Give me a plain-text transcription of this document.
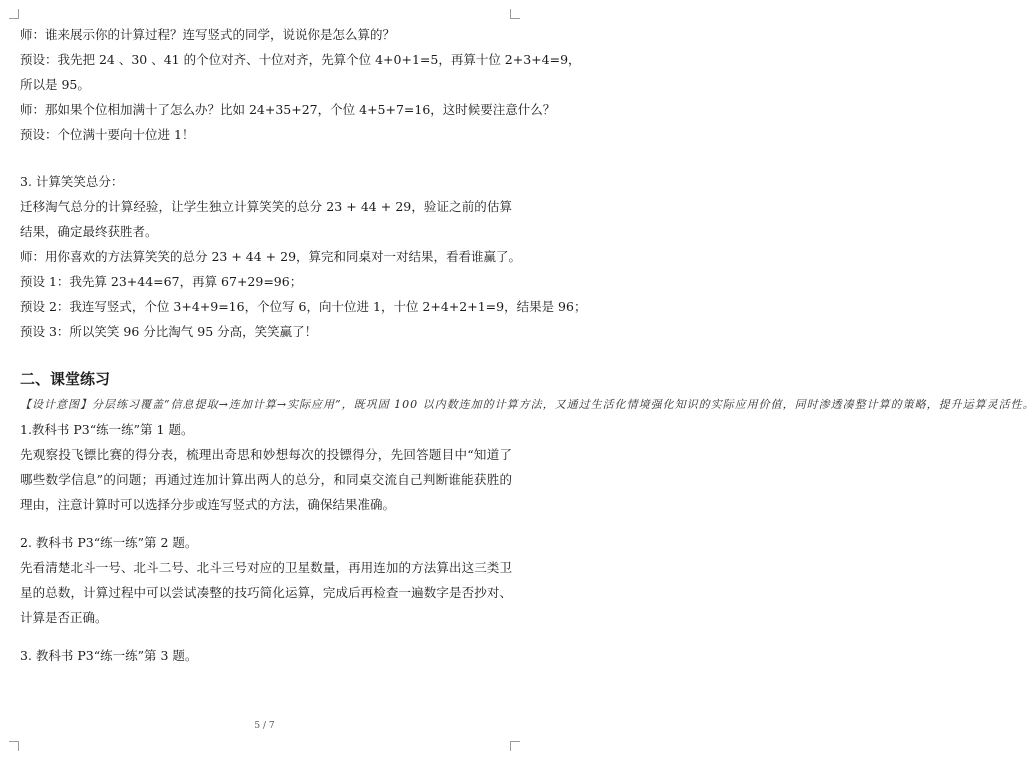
师：谁来展示你的计算过程？连写竖式的同学，说说你是怎么算的？

预设：我先把 24 、30 、41 的个位对齐、十位对齐，先算个位 4+0+1=5，再算十位 2+3+4=9，

所以是 95。

师：那如果个位相加满十了怎么办？比如 24+35+27，个位 4+5+7=16，这时候要注意什么？

预设：个位满十要向十位进 1！

3. 计算笑笑总分：

迁移淘气总分的计算经验，让学生独立计算笑笑的总分 23 + 44 + 29，验证之前的估算结果，确定最终获胜者。

师：用你喜欢的方法算笑笑的总分 23 + 44 + 29，算完和同桌对一对结果，看看谁赢了。

预设 1：我先算 23+44=67，再算 67+29=96；

预设 2：我连写竖式，个位 3+4+9=16，个位写 6，向十位进 1，十位 2+4+2+1=9，结果是 96；

预设 3：所以笑笑 96 分比淘气 95 分高，笑笑赢了！

二、课堂练习

【设计意图】分层练习覆盖“信息提取→连加计算→实际应用”，既巩固 100 以内数连加的计算方法，又通过生活化情境强化知识的实际应用价值，同时渗透凑整计算的策略，提升运算灵活性。

1.教科书 P3“练一练”第 1 题。

先观察投飞镖比赛的得分表，梳理出奇思和妙想每次的投镖得分，先回答题目中“知道了哪些数学信息”的问题；再通过连加计算出两人的总分，和同桌交流自己判断谁能获胜的理由，注意计算时可以选择分步或连写竖式的方法，确保结果准确。

2. 教科书 P3“练一练”第 2 题。

先看清楚北斗一号、北斗二号、北斗三号对应的卫星数量，再用连加的方法算出这三类卫星的总数，计算过程中可以尝试凑整的技巧简化运算，完成后再检查一遍数字是否抄对、计算是否正确。

3. 教科书 P3“练一练”第 3 题。

5 / 7
